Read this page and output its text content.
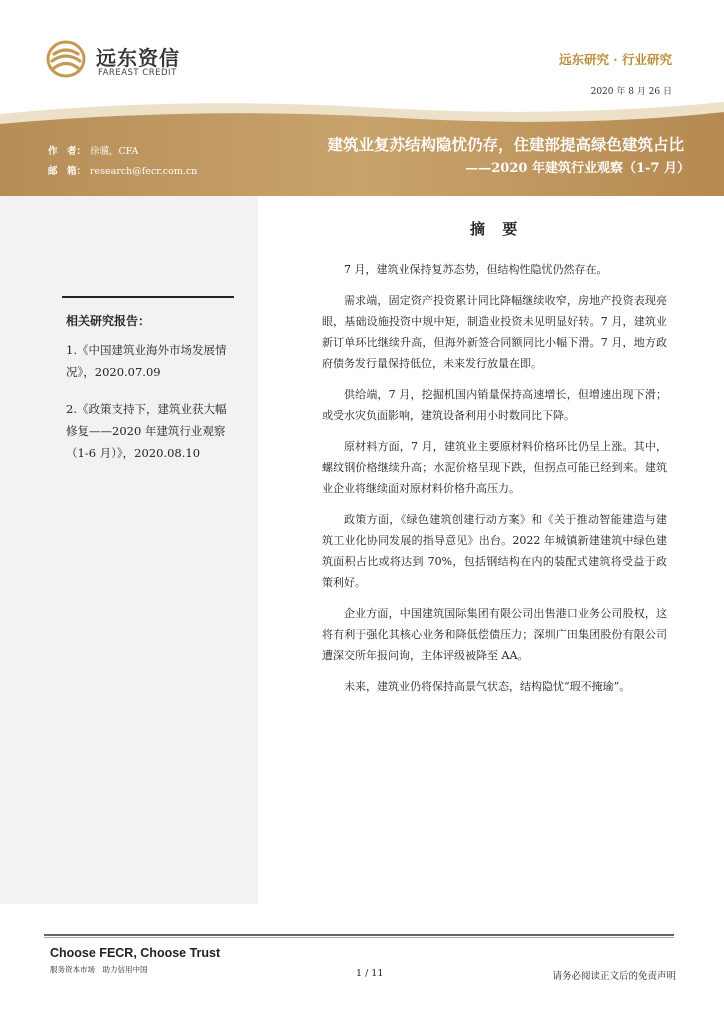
远东资信
FAREAST CREDIT
远东研究 · 行业研究
2020 年 8 月 26 日
建筑业复苏结构隐忧仍存，住建部提高绿色建筑占比
——2020 年建筑行业观察（1-7 月）
作　者： 徐骥，CFA
邮　箱： research@fecr.com.cn
相关研究报告：
1.《中国建筑业海外市场发展情况》，2020.07.09
2.《政策支持下，建筑业获大幅修复——2020 年建筑行业观察（1-6 月）》，2020.08.10
摘 要

7 月，建筑业保持复苏态势，但结构性隐忧仍然存在。

需求端，固定资产投资累计同比降幅继续收窄，房地产投资表现亮眼，基础设施投资中规中矩，制造业投资未见明显好转。7 月，建筑业新订单环比继续升高，但海外新签合同额同比小幅下滑。7 月，地方政府债务发行量保持低位，未来发行放量在即。

供给端，7 月，挖掘机国内销量保持高速增长，但增速出现下滑；或受水灾负面影响，建筑设备利用小时数同比下降。

原材料方面，7 月，建筑业主要原材料价格环比仍呈上涨。其中，螺纹钢价格继续升高；水泥价格呈现下跌，但拐点可能已经到来。建筑业企业将继续面对原材料价格升高压力。

政策方面，《绿色建筑创建行动方案》和《关于推动智能建造与建筑工业化协同发展的指导意见》出台。2022 年城镇新建建筑中绿色建筑面积占比或将达到 70%，包括钢结构在内的装配式建筑将受益于政策利好。

企业方面，中国建筑国际集团有限公司出售港口业务公司股权，这将有利于强化其核心业务和降低偿债压力；深圳广田集团股份有限公司遭深交所年报问询，主体评级被降至 AA。

未来，建筑业仍将保持高景气状态，结构隐忧“瑕不掩瑜”。

Choose FECR, Choose Trust
服务资本市场　助力信用中国	1 / 11	请务必阅读正文后的免责声明
